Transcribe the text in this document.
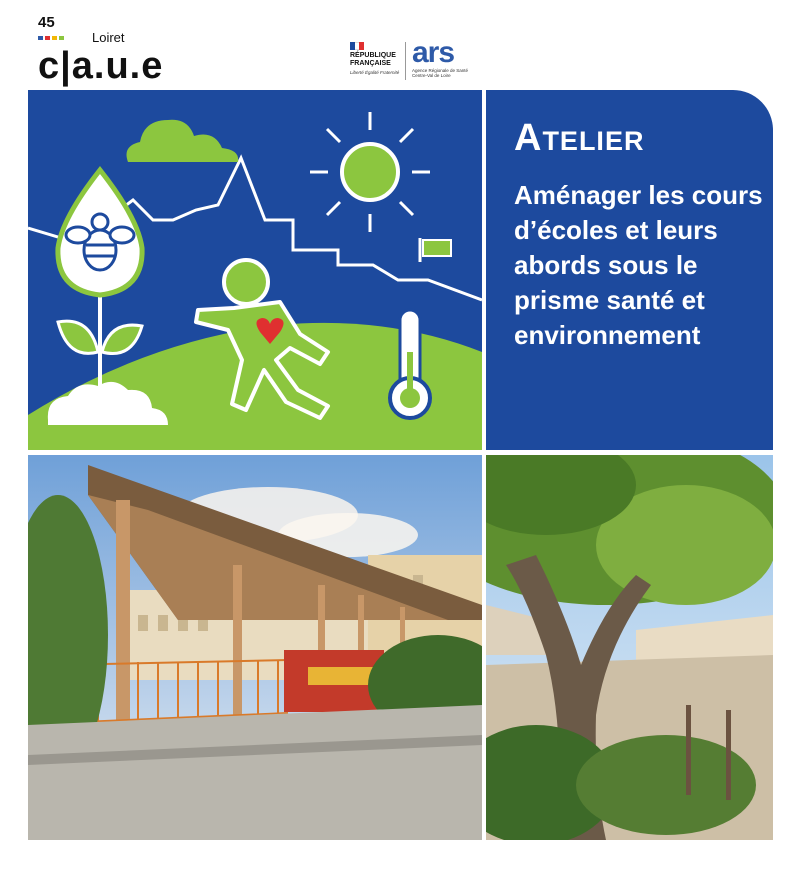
45
Loiret
c|a.u.e	RÉPUBLIQUE
FRANÇAISE
Liberté Égalité Fraternité
ars
Agence Régionale de Santé Centre-Val de Loire
Atelier
Aménager les cours d’écoles et leurs abords sous le prisme santé et environnement
